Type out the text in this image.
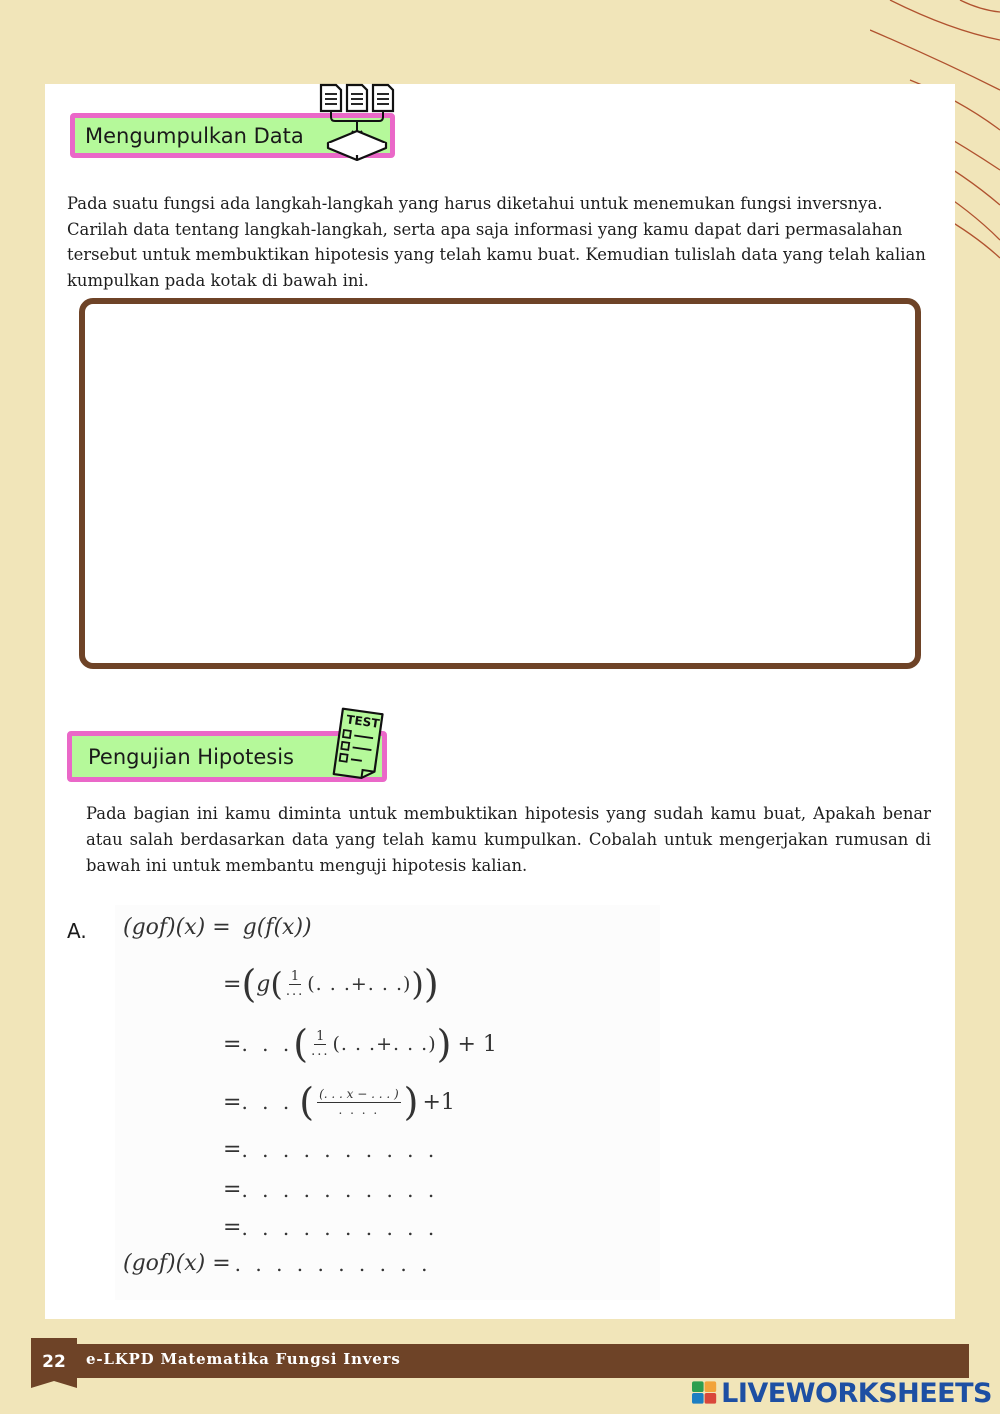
Mengumpulkan Data

Pada suatu fungsi ada langkah-langkah yang harus diketahui untuk menemukan fungsi inversnya. Carilah data tentang langkah-langkah, serta apa saja informasi yang kamu dapat dari permasalahan tersebut untuk membuktikan hipotesis yang telah kamu buat. Kemudian tulislah data yang telah kalian kumpulkan pada kotak di bawah ini.

Pengujian Hipotesis
TEST

Pada bagian ini kamu diminta untuk membuktikan hipotesis yang sudah kamu buat, Apakah benar atau salah berdasarkan data yang telah kamu kumpulkan. Cobalah untuk mengerjakan rumusan di bawah ini untuk membantu menguji hipotesis kalian.

A. (gof)(x) = g(f(x))
= ( g ( $\frac{1}{...}$ (. . .+. . .) ) )
= . . . ( $\frac{1}{...}$ (. . .+. . .) ) + 1
= . . . ( $\frac{(. . . x - . . . )}{. . . .}$ ) +1
= . . . . . . . . . .
= . . . . . . . . . .
= . . . . . . . . . .
(gof)(x) = . . . . . . . . . .
22	e-LKPD Matematika Fungsi Invers
LIVEWORKSHEETS
